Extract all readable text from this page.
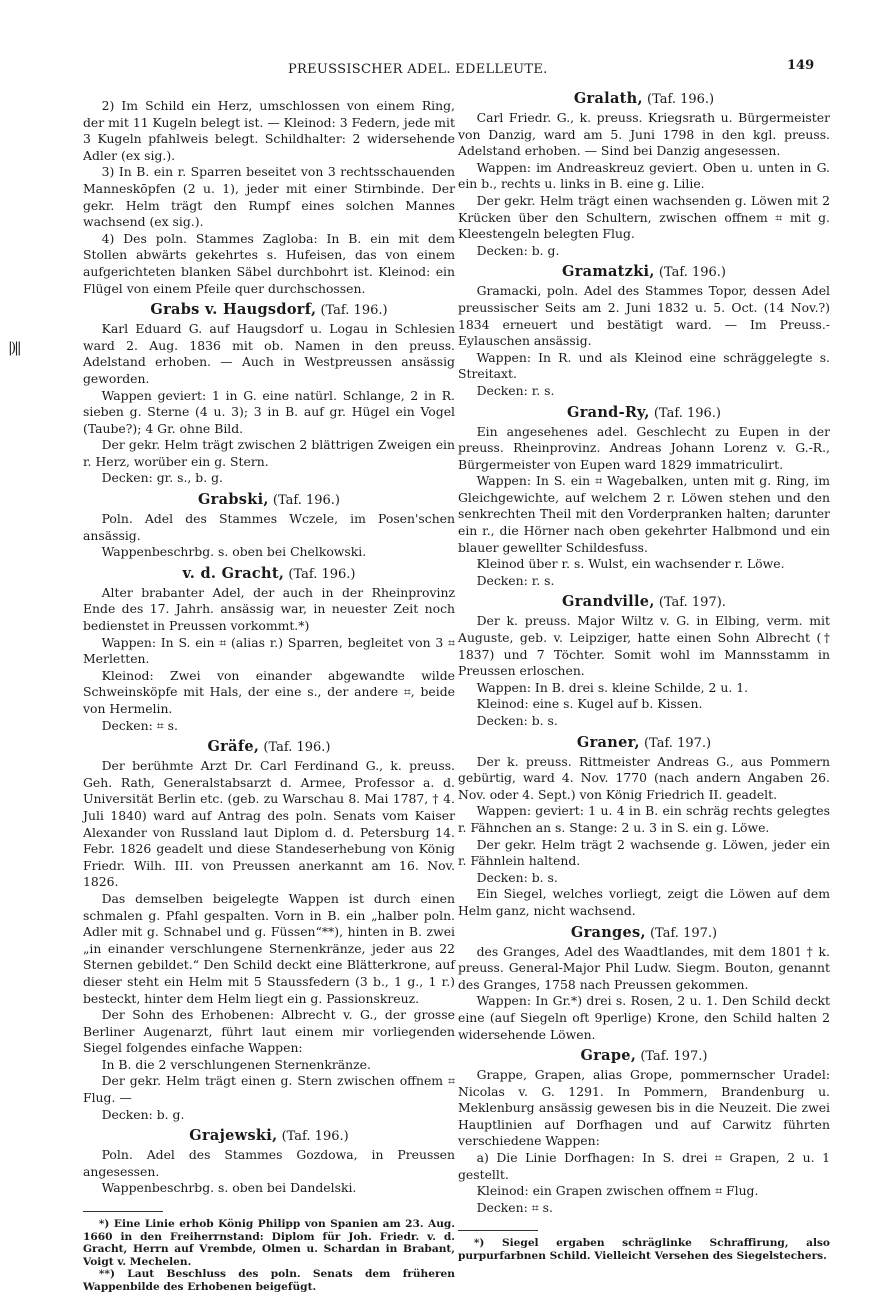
PREUSSISCHER ADEL. EDELLEUTE.	149
|)||

2) Im Schild ein Herz, umschlossen von einem Ring, der mit 11 Kugeln belegt ist. — Kleinod: 3 Federn, jede mit 3 Kugeln pfahlweis belegt. Schildhalter: 2 widersehende Adler (ex sig.).

3) In B. ein r. Sparren beseitet von 3 rechtsschauenden Manneskōpfen (2 u. 1), jeder mit einer Stirnbinde. Der gekr. Helm trägt den Rumpf eines solchen Mannes wachsend (ex sig.).

4) Des poln. Stammes Zagloba: In B. ein mit dem Stollen abwärts gekehrtes s. Hufeisen, das von einem aufgerichteten blanken Säbel durchbohrt ist. Kleinod: ein Flügel von einem Pfeile quer durchschossen.

Grabs v. Haugsdorf, (Taf. 196.)

Karl Eduard G. auf Haugsdorf u. Logau in Schlesien ward 2. Aug. 1836 mit ob. Namen in den preuss. Adelstand erhoben. — Auch in Westpreussen ansässig geworden.

Wappen geviert: 1 in G. eine natürl. Schlange, 2 in R. sieben g. Sterne (4 u. 3); 3 in B. auf gr. Hügel ein Vogel (Taube?); 4 Gr. ohne Bild.

Der gekr. Helm trägt zwischen 2 blättrigen Zweigen ein r. Herz, worüber ein g. Stern.

Decken: gr. s., b. g.

Grabski, (Taf. 196.)

Poln. Adel des Stammes Wczele, im Posen'schen ansässig.

Wappenbeschrbg. s. oben bei Chelkowski.

v. d. Gracht, (Taf. 196.)

Alter brabanter Adel, der auch in der Rheinprovinz Ende des 17. Jahrh. ansässig war, in neuester Zeit noch bedienstet in Preussen vorkommt.*)

Wappen: In S. ein ⌗ (alias r.) Sparren, begleitet von 3 ⌗ Merletten.

Kleinod: Zwei von einander abgewandte wilde Schweinsköpfe mit Hals, der eine s., der andere ⌗, beide von Hermelin.

Decken: ⌗ s.

Gräfe, (Taf. 196.)

Der berühmte Arzt Dr. Carl Ferdinand G., k. preuss. Geh. Rath, Generalstabsarzt d. Armee, Professor a. d. Universität Berlin etc. (geb. zu Warschau 8. Mai 1787, † 4. Juli 1840) ward auf Antrag des poln. Senats vom Kaiser Alexander von Russland laut Diplom d. d. Petersburg 14. Febr. 1826 geadelt und diese Standeserhebung von König Friedr. Wilh. III. von Preussen anerkannt am 16. Nov. 1826.

Das demselben beigelegte Wappen ist durch einen schmalen g. Pfahl gespalten. Vorn in B. ein „halber poln. Adler mit g. Schnabel und g. Füssen“**), hinten in B. zwei „in einander verschlungene Sternenkränze, jeder aus 22 Sternen gebildet.“ Den Schild deckt eine Blätterkrone, auf dieser steht ein Helm mit 5 Staussfedern (3 b., 1 g., 1 r.) besteckt, hinter dem Helm liegt ein g. Passionskreuz.

Der Sohn des Erhobenen: Albrecht v. G., der grosse Berliner Augenarzt, führt laut einem mir vorliegenden Siegel folgendes einfache Wappen:

In B. die 2 verschlungenen Sternenkränze.

Der gekr. Helm trägt einen g. Stern zwischen offnem ⌗ Flug. —

Decken: b. g.

Grajewski, (Taf. 196.)

Poln. Adel des Stammes Gozdowa, in Preussen angesessen.

Wappenbeschrbg. s. oben bei Dandelski.

*) Eine Linie erhob König Philipp von Spanien am 23. Aug. 1660 in den Freiherrnstand: Diplom für Joh. Friedr. v. d. Gracht, Herrn auf Vrembde, Olmen u. Schardan in Brabant, Voigt v. Mechelen.

**) Laut Beschluss des poln. Senats dem früheren Wappenbilde des Erhobenen beigefügt.

Gralath, (Taf. 196.)

Carl Friedr. G., k. preuss. Kriegsrath u. Bürgermeister von Danzig, ward am 5. Juni 1798 in den kgl. preuss. Adelstand erhoben. — Sind bei Danzig angesessen.

Wappen: im Andreaskreuz geviert. Oben u. unten in G. ein b., rechts u. links in B. eine g. Lilie.

Der gekr. Helm trägt einen wachsenden g. Löwen mit 2 Krücken über den Schultern, zwischen offnem ⌗ mit g. Kleestengeln belegten Flug.

Decken: b. g.

Gramatzki, (Taf. 196.)

Gramacki, poln. Adel des Stammes Topor, dessen Adel preussischer Seits am 2. Juni 1832 u. 5. Oct. (14 Nov.?) 1834 erneuert und bestätigt ward. — Im Preuss.-Eylauschen ansässig.

Wappen: In R. und als Kleinod eine schräggelegte s. Streitaxt.

Decken: r. s.

Grand-Ry, (Taf. 196.)

Ein angesehenes adel. Geschlecht zu Eupen in der preuss. Rheinprovinz. Andreas Johann Lorenz v. G.-R., Bürgermeister von Eupen ward 1829 immatriculirt.

Wappen: In S. ein ⌗ Wagebalken, unten mit g. Ring, im Gleichgewichte, auf welchem 2 r. Löwen stehen und den senkrechten Theil mit den Vorderpranken halten; darunter ein r., die Hörner nach oben gekehrter Halbmond und ein blauer gewellter Schildesfuss.

Kleinod über r. s. Wulst, ein wachsender r. Löwe.

Decken: r. s.

Grandville, (Taf. 197).

Der k. preuss. Major Wiltz v. G. in Elbing, verm. mit Auguste, geb. v. Leipziger, hatte einen Sohn Albrecht († 1837) und 7 Töchter. Somit wohl im Mannsstamm in Preussen erloschen.

Wappen: In B. drei s. kleine Schilde, 2 u. 1.

Kleinod: eine s. Kugel auf b. Kissen.

Decken: b. s.

Graner, (Taf. 197.)

Der k. preuss. Rittmeister Andreas G., aus Pommern gebürtig, ward 4. Nov. 1770 (nach andern Angaben 26. Nov. oder 4. Sept.) von König Friedrich II. geadelt.

Wappen: geviert: 1 u. 4 in B. ein schräg rechts gelegtes r. Fähnchen an s. Stange: 2 u. 3 in S. ein g. Löwe.

Der gekr. Helm trägt 2 wachsende g. Löwen, jeder ein r. Fähnlein haltend.

Decken: b. s.

Ein Siegel, welches vorliegt, zeigt die Löwen auf dem Helm ganz, nicht wachsend.

Granges, (Taf. 197.)

des Granges, Adel des Waadtlandes, mit dem 1801 † k. preuss. General-Major Phil Ludw. Siegm. Bouton, genannt des Granges, 1758 nach Preussen gekommen.

Wappen: In Gr.*) drei s. Rosen, 2 u. 1. Den Schild deckt eine (auf Siegeln oft 9perlige) Krone, den Schild halten 2 widersehende Löwen.

Grape, (Taf. 197.)

Grappe, Grapen, alias Grope, pommernscher Uradel: Nicolas v. G. 1291. In Pommern, Brandenburg u. Meklenburg ansässig gewesen bis in die Neuzeit. Die zwei Hauptlinien auf Dorfhagen und auf Carwitz führten verschiedene Wappen:

a) Die Linie Dorfhagen: In S. drei ⌗ Grapen, 2 u. 1 gestellt.

Kleinod: ein Grapen zwischen offnem ⌗ Flug.

Decken: ⌗ s.

*) Siegel ergaben schräglinke Schraffirung, also purpurfarbnen Schild. Vielleicht Versehen des Siegelstechers.
